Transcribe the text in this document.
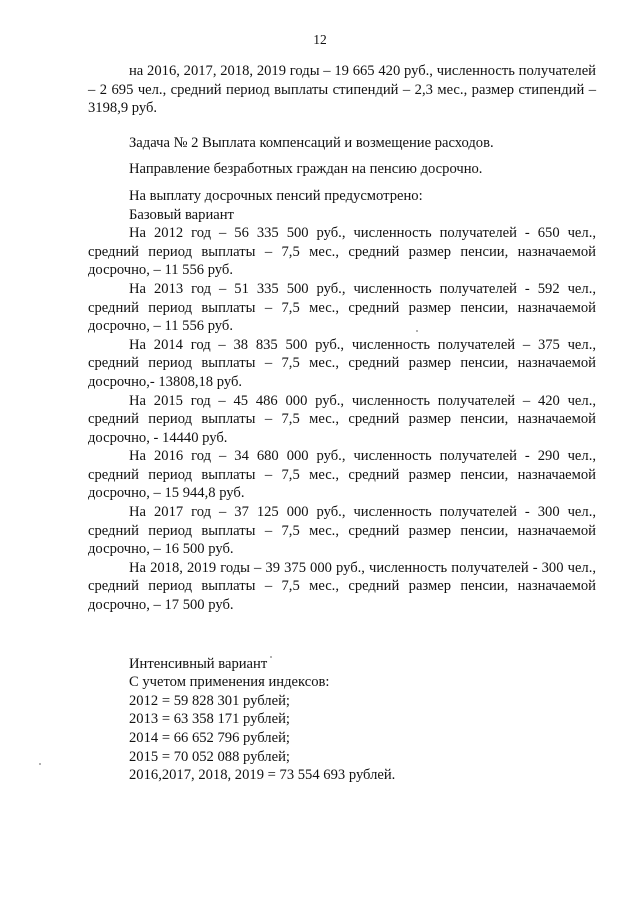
12

на 2016, 2017, 2018, 2019 годы – 19 665 420 руб., численность получателей – 2 695 чел., средний период выплаты стипендий – 2,3 мес., размер стипендий – 3198,9 руб.

Задача № 2 Выплата компенсаций и возмещение расходов.

Направление безработных граждан на пенсию досрочно.

На выплату досрочных пенсий предусмотрено:

Базовый вариант

На 2012 год – 56 335 500 руб., численность получателей - 650 чел., средний период выплаты – 7,5 мес., средний размер пенсии, назначаемой досрочно, – 11 556 руб.

На 2013 год – 51 335 500 руб., численность получателей - 592 чел., средний период выплаты – 7,5 мес., средний размер пенсии, назначаемой досрочно, – 11 556 руб.

На 2014 год – 38 835 500 руб., численность получателей – 375 чел., средний период выплаты – 7,5 мес., средний размер пенсии, назначаемой досрочно,- 13808,18 руб.

На 2015 год – 45 486 000 руб., численность получателей – 420 чел., средний период выплаты – 7,5 мес., средний размер пенсии, назначаемой досрочно, - 14440 руб.

На 2016 год – 34 680 000 руб., численность получателей - 290 чел., средний период выплаты – 7,5 мес., средний размер пенсии, назначаемой досрочно, – 15 944,8 руб.

На 2017 год – 37 125 000 руб., численность получателей - 300 чел., средний период выплаты – 7,5 мес., средний размер пенсии, назначаемой досрочно, – 16 500 руб.

На 2018, 2019 годы – 39 375 000 руб., численность получателей - 300 чел., средний период выплаты – 7,5 мес., средний размер пенсии, назначаемой досрочно, – 17 500 руб.

Интенсивный вариант

С учетом применения индексов:

2012 = 59 828 301 рублей;

2013 = 63 358 171 рублей;

2014 = 66 652 796 рублей;

2015 = 70 052 088 рублей;

2016,2017, 2018, 2019 = 73 554 693 рублей.
